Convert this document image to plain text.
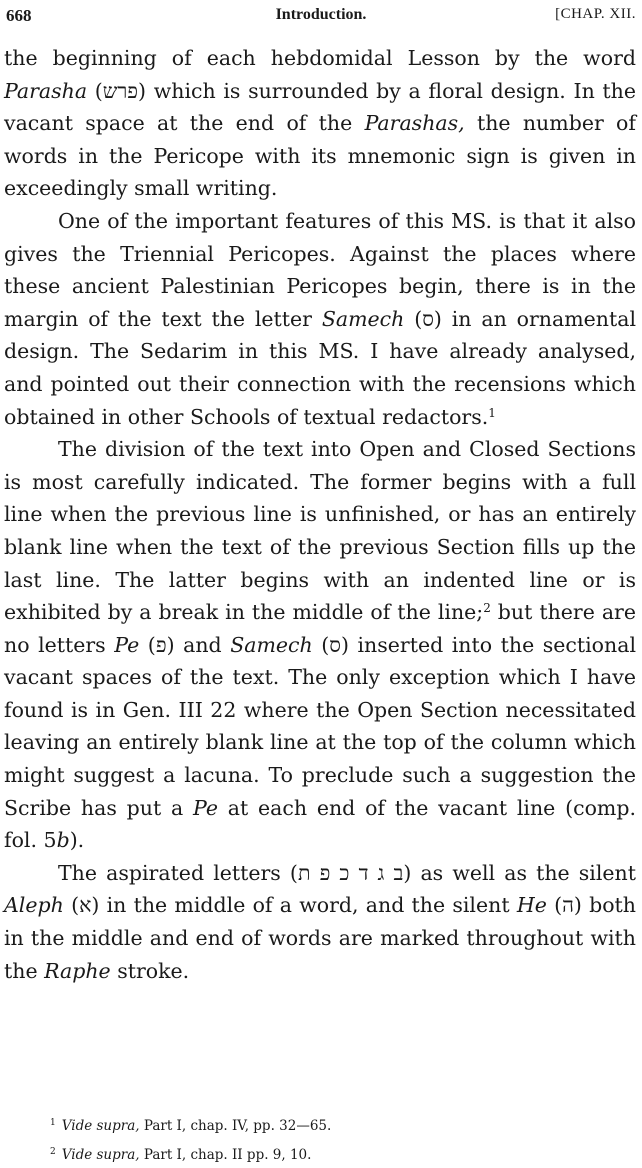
668	Introduction.	[CHAP. XII.

the beginning of each hebdomidal Lesson by the word Parasha (פרש) which is surrounded by a floral design. In the vacant space at the end of the Parashas, the number of words in the Pericope with its mnemonic sign is given in exceedingly small writing.

One of the important features of this MS. is that it also gives the Triennial Pericopes. Against the places where these ancient Palestinian Pericopes begin, there is in the margin of the text the letter Samech (ס) in an ornamental design. The Sedarim in this MS. I have already analysed, and pointed out their connection with the recensions which obtained in other Schools of textual redactors.$^1$

The division of the text into Open and Closed Sections is most carefully indicated. The former begins with a full line when the previous line is unfinished, or has an entirely blank line when the text of the previous Section fills up the last line. The latter begins with an indented line or is exhibited by a break in the middle of the line;$^2$ but there are no letters Pe (פ) and Samech (ס) inserted into the sectional vacant spaces of the text. The only exception which I have found is in Gen. III 22 where the Open Section necessitated leaving an entirely blank line at the top of the column which might suggest a lacuna. To preclude such a suggestion the Scribe has put a Pe at each end of the vacant line (comp. fol. 5b).

The aspirated letters (ב ג ד כ פ ת) as well as the silent Aleph (א) in the middle of a word, and the silent He (ה) both in the middle and end of words are marked throughout with the Raphe stroke.

$^1$ Vide supra, Part I, chap. IV, pp. 32—65.
$^2$ Vide supra, Part I, chap. II pp. 9, 10.
